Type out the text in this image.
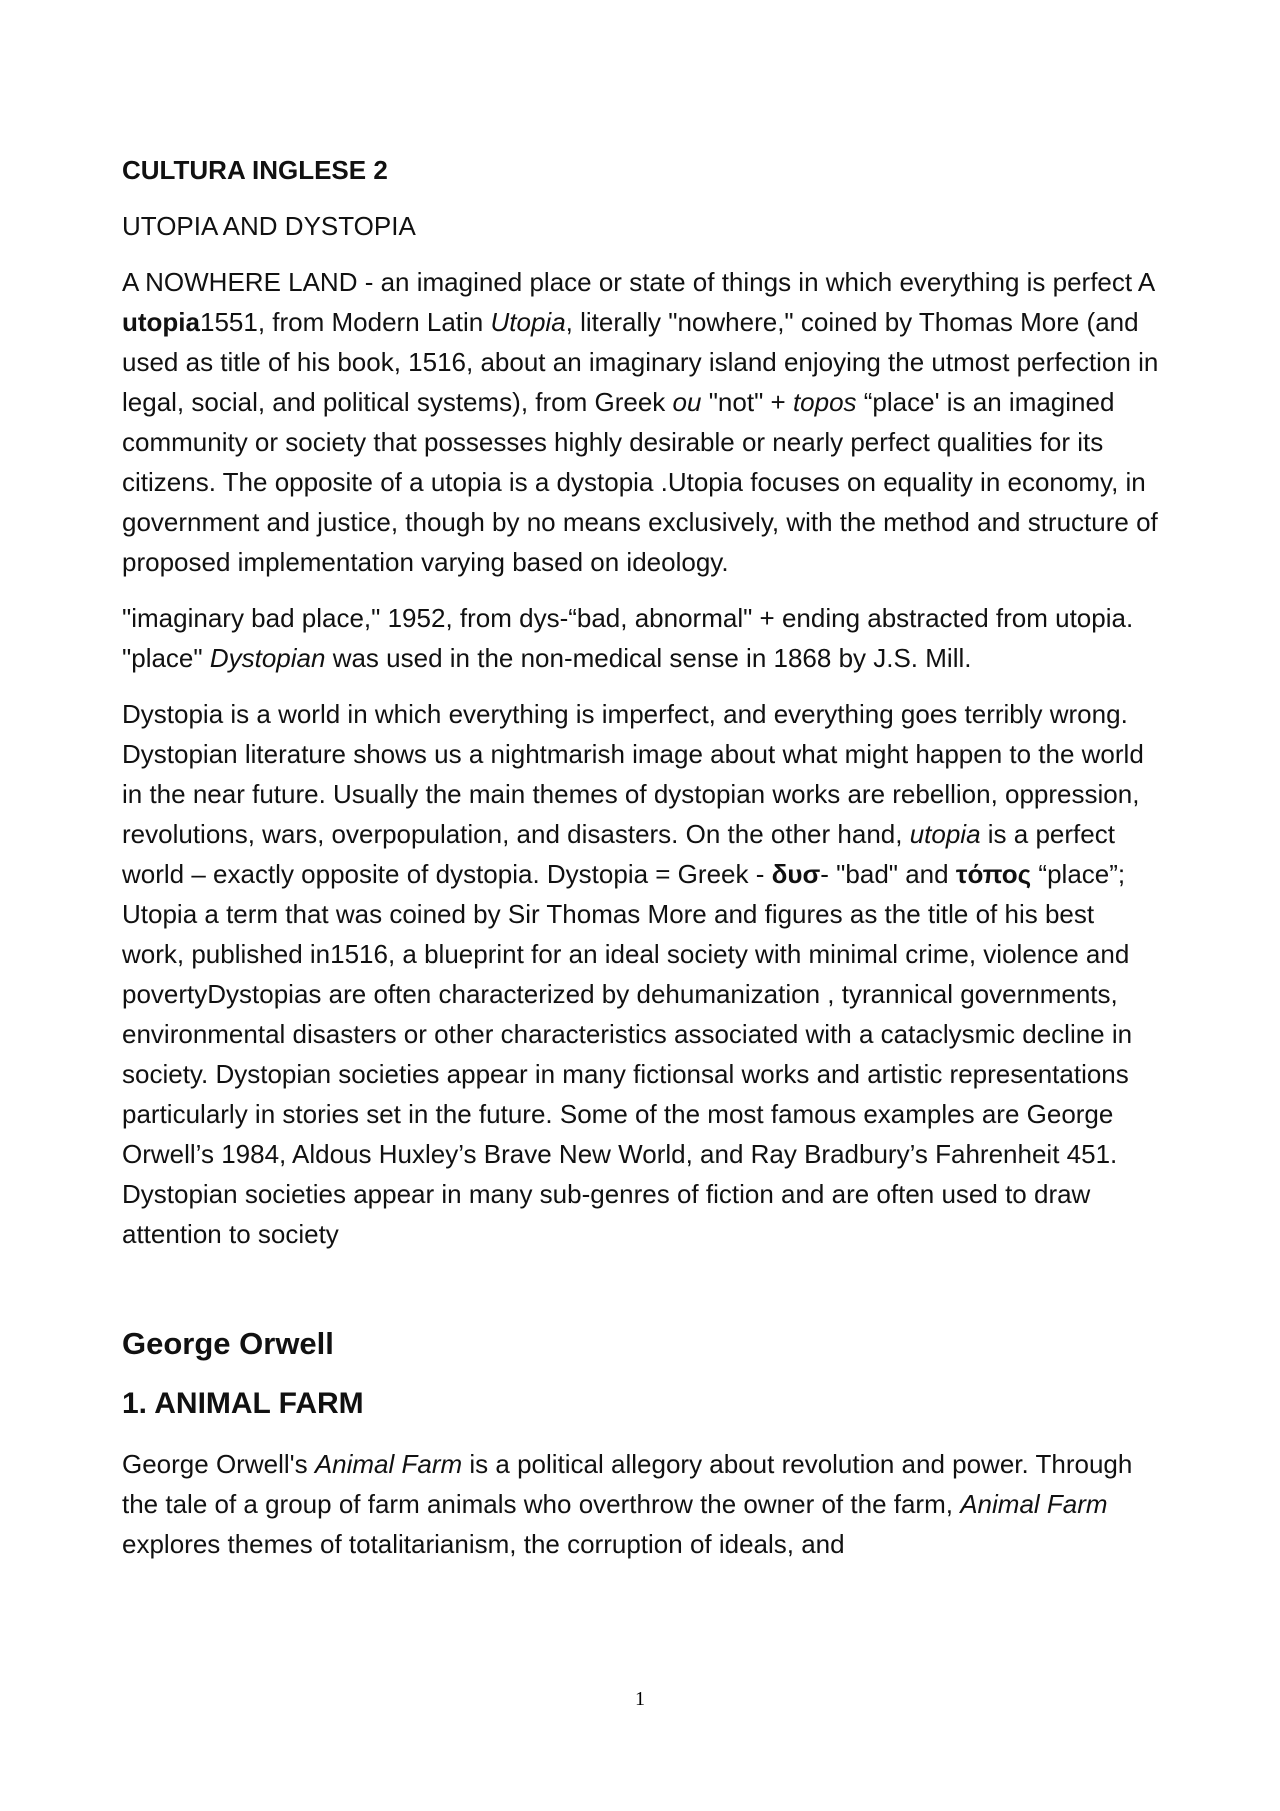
CULTURA INGLESE 2

UTOPIA AND DYSTOPIA

A NOWHERE LAND - an imagined place or state of things in which everything is perfect A utopia1551, from Modern Latin Utopia, literally "nowhere," coined by Thomas More (and used as title of his book, 1516, about an imaginary island enjoying the utmost perfection in legal, social, and political systems), from Greek ou "not" + topos “place' is an imagined community or society that possesses highly desirable or nearly perfect qualities for its citizens. The opposite of a utopia is a dystopia .Utopia focuses on equality in economy, in government and justice, though by no means exclusively, with the method and structure of proposed implementation varying based on ideology.

"imaginary bad place," 1952, from dys-“bad, abnormal" + ending abstracted from utopia. "place" Dystopian was used in the non-medical sense in 1868 by J.S. Mill.

Dystopia is a world in which everything is imperfect, and everything goes terribly wrong. Dystopian literature shows us a nightmarish image about what might happen to the world in the near future. Usually the main themes of dystopian works are rebellion, oppression, revolutions, wars, overpopulation, and disasters. On the other hand, utopia is a perfect world – exactly opposite of dystopia. Dystopia = Greek - δυσ- "bad" and τόπος “place”; Utopia a term that was coined by Sir Thomas More and figures as the title of his best work, published in1516, a blueprint for an ideal society with minimal crime, violence and povertyDystopias are often characterized by dehumanization , tyrannical governments, environmental disasters or other characteristics associated with a cataclysmic decline in society. Dystopian societies appear in many fictionsal works and artistic representations particularly in stories set in the future. Some of the most famous examples are George Orwell’s 1984, Aldous Huxley’s Brave New World, and Ray Bradbury’s Fahrenheit 451. Dystopian societies appear in many sub-genres of fiction and are often used to draw attention to society

George Orwell

1. ANIMAL FARM

George Orwell's Animal Farm is a political allegory about revolution and power. Through the tale of a group of farm animals who overthrow the owner of the farm, Animal Farm explores themes of totalitarianism, the corruption of ideals, and

1
